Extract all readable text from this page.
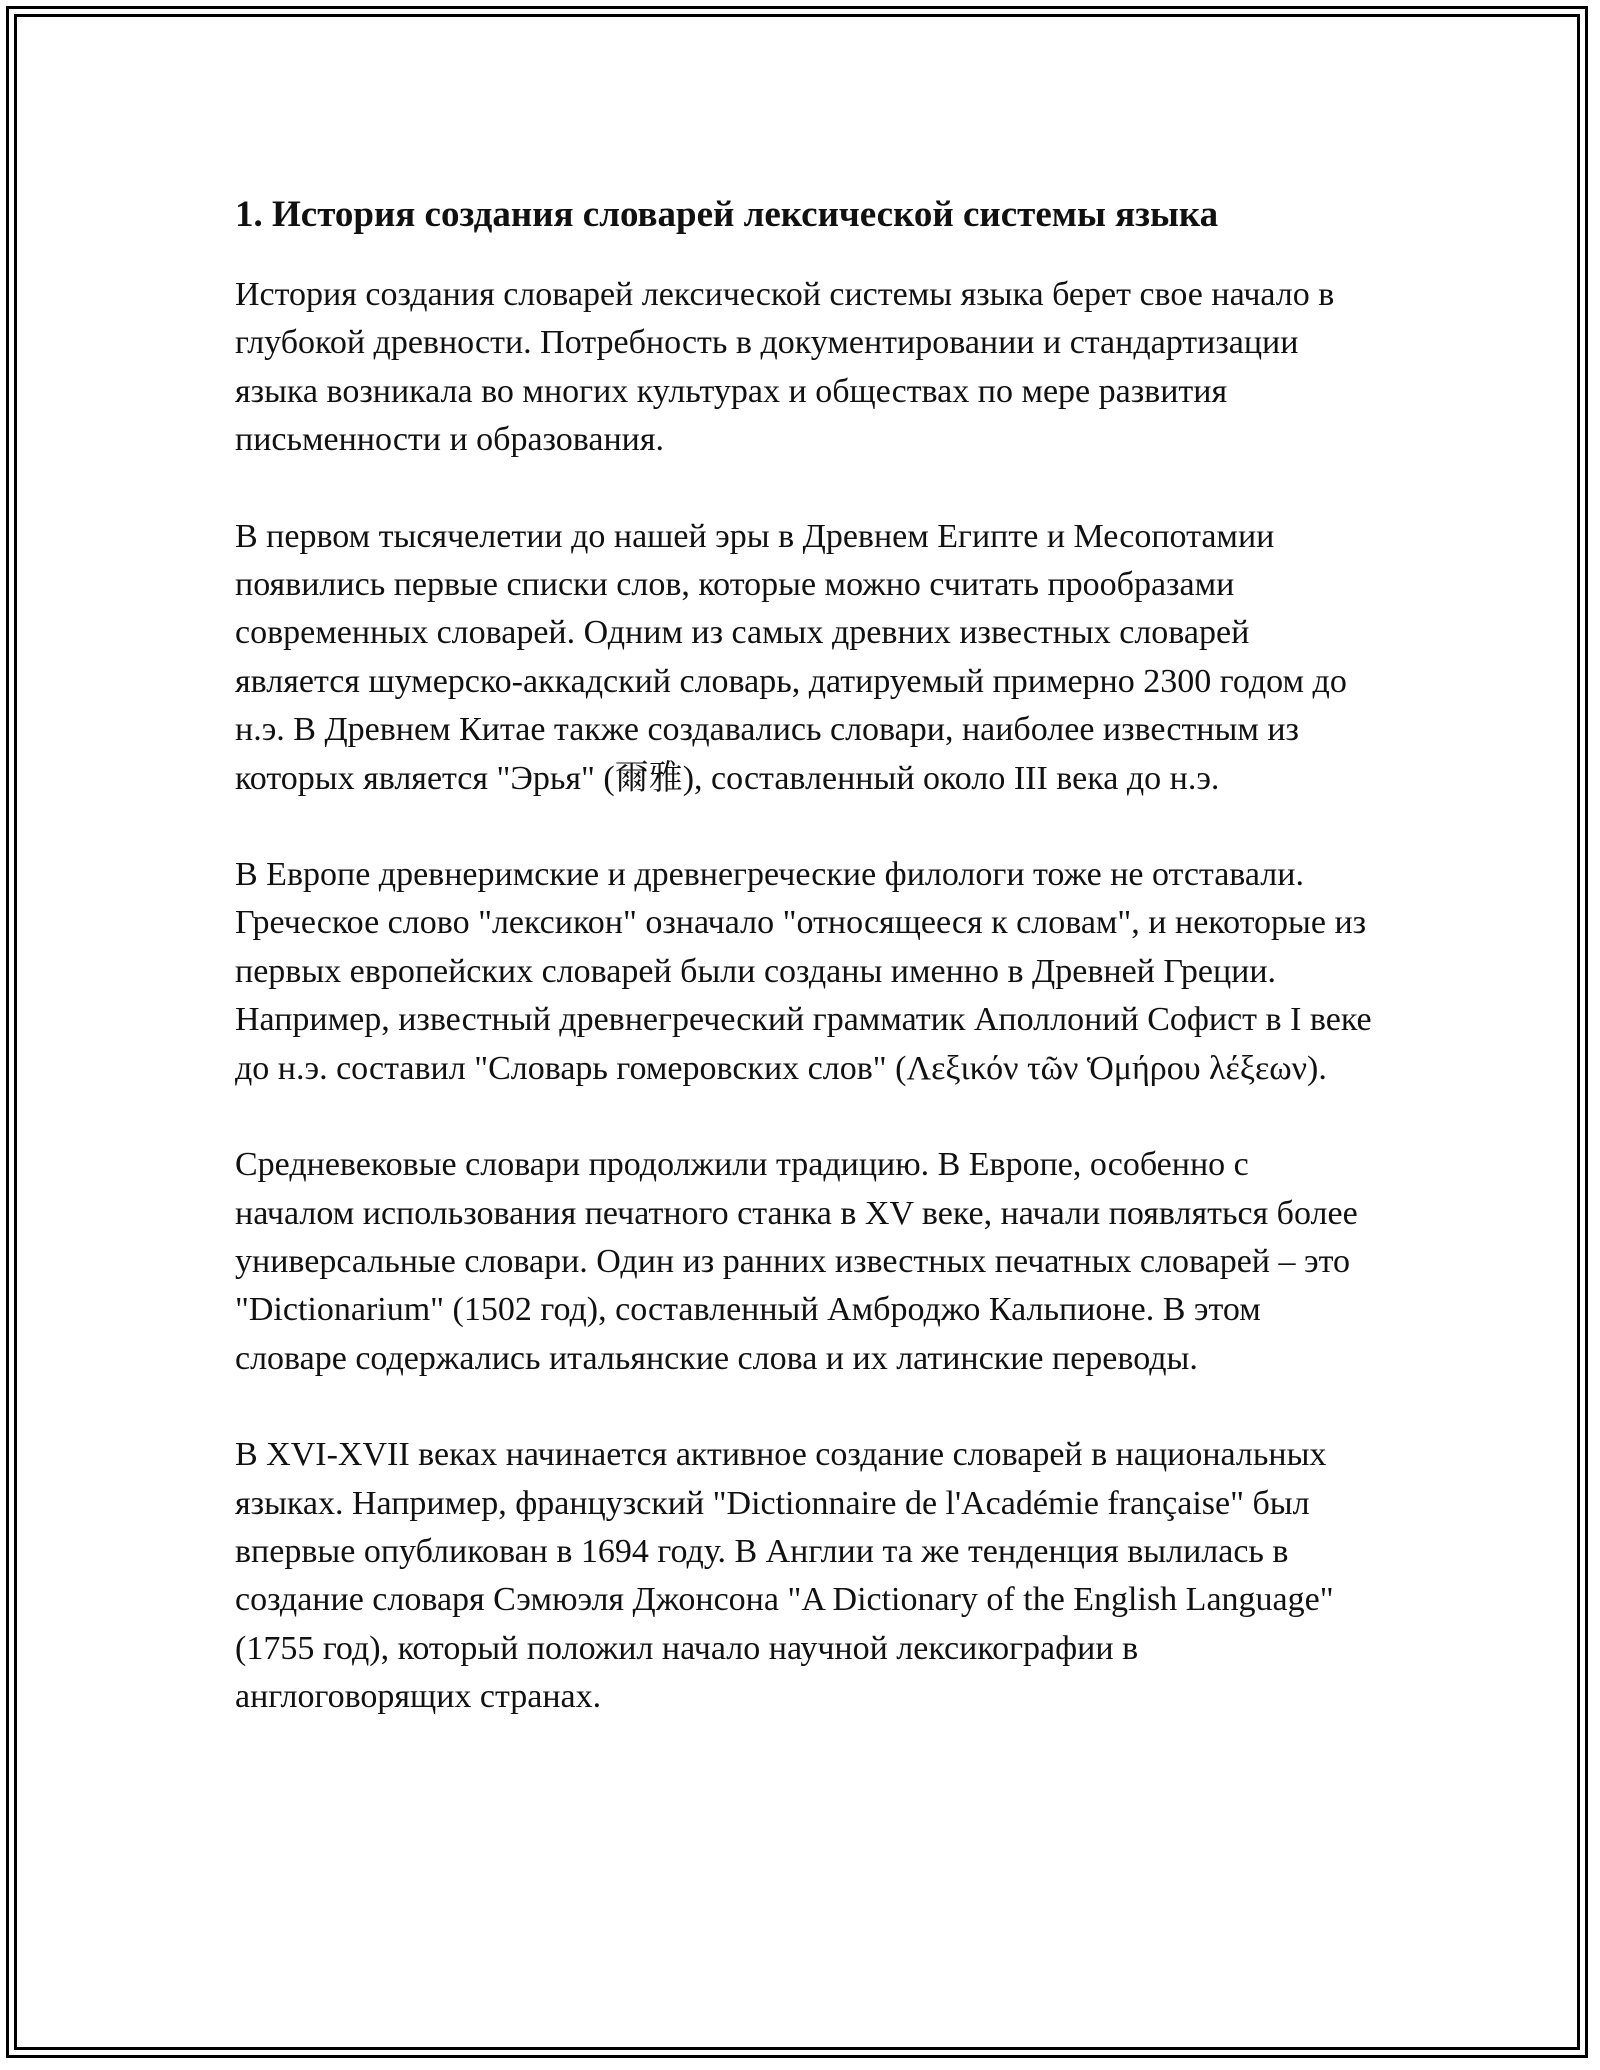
1. История создания словарей лексической системы языка

История создания словарей лексической системы языка берет свое начало в глубокой древности. Потребность в документировании и стандартизации языка возникала во многих культурах и обществах по мере развития письменности и образования.

В первом тысячелетии до нашей эры в Древнем Египте и Месопотамии появились первые списки слов, которые можно считать прообразами современных словарей. Одним из самых древних известных словарей является шумерско-аккадский словарь, датируемый примерно 2300 годом до н.э. В Древнем Китае также создавались словари, наиболее известным из которых является "Эрья" (爾雅), составленный около III века до н.э.

В Европе древнеримские и древнегреческие филологи тоже не отставали. Греческое слово "лексикон" означало "относящееся к словам", и некоторые из первых европейских словарей были созданы именно в Древней Греции. Например, известный древнегреческий грамматик Аполлоний Софист в I веке до н.э. составил "Словарь гомеровских слов" (Λεξικόν τῶν Ὁμήρου λέξεων).

Средневековые словари продолжили традицию. В Европе, особенно с началом использования печатного станка в XV веке, начали появляться более универсальные словари. Один из ранних известных печатных словарей – это "Dictionarium" (1502 год), составленный Амброджо Кальпионе. В этом словаре содержались итальянские слова и их латинские переводы.

В XVI-XVII веках начинается активное создание словарей в национальных языках. Например, французский "Dictionnaire de l'Académie française" был впервые опубликован в 1694 году. В Англии та же тенденция вылилась в создание словаря Сэмюэля Джонсона "A Dictionary of the English Language" (1755 год), который положил начало научной лексикографии в англоговорящих странах.
